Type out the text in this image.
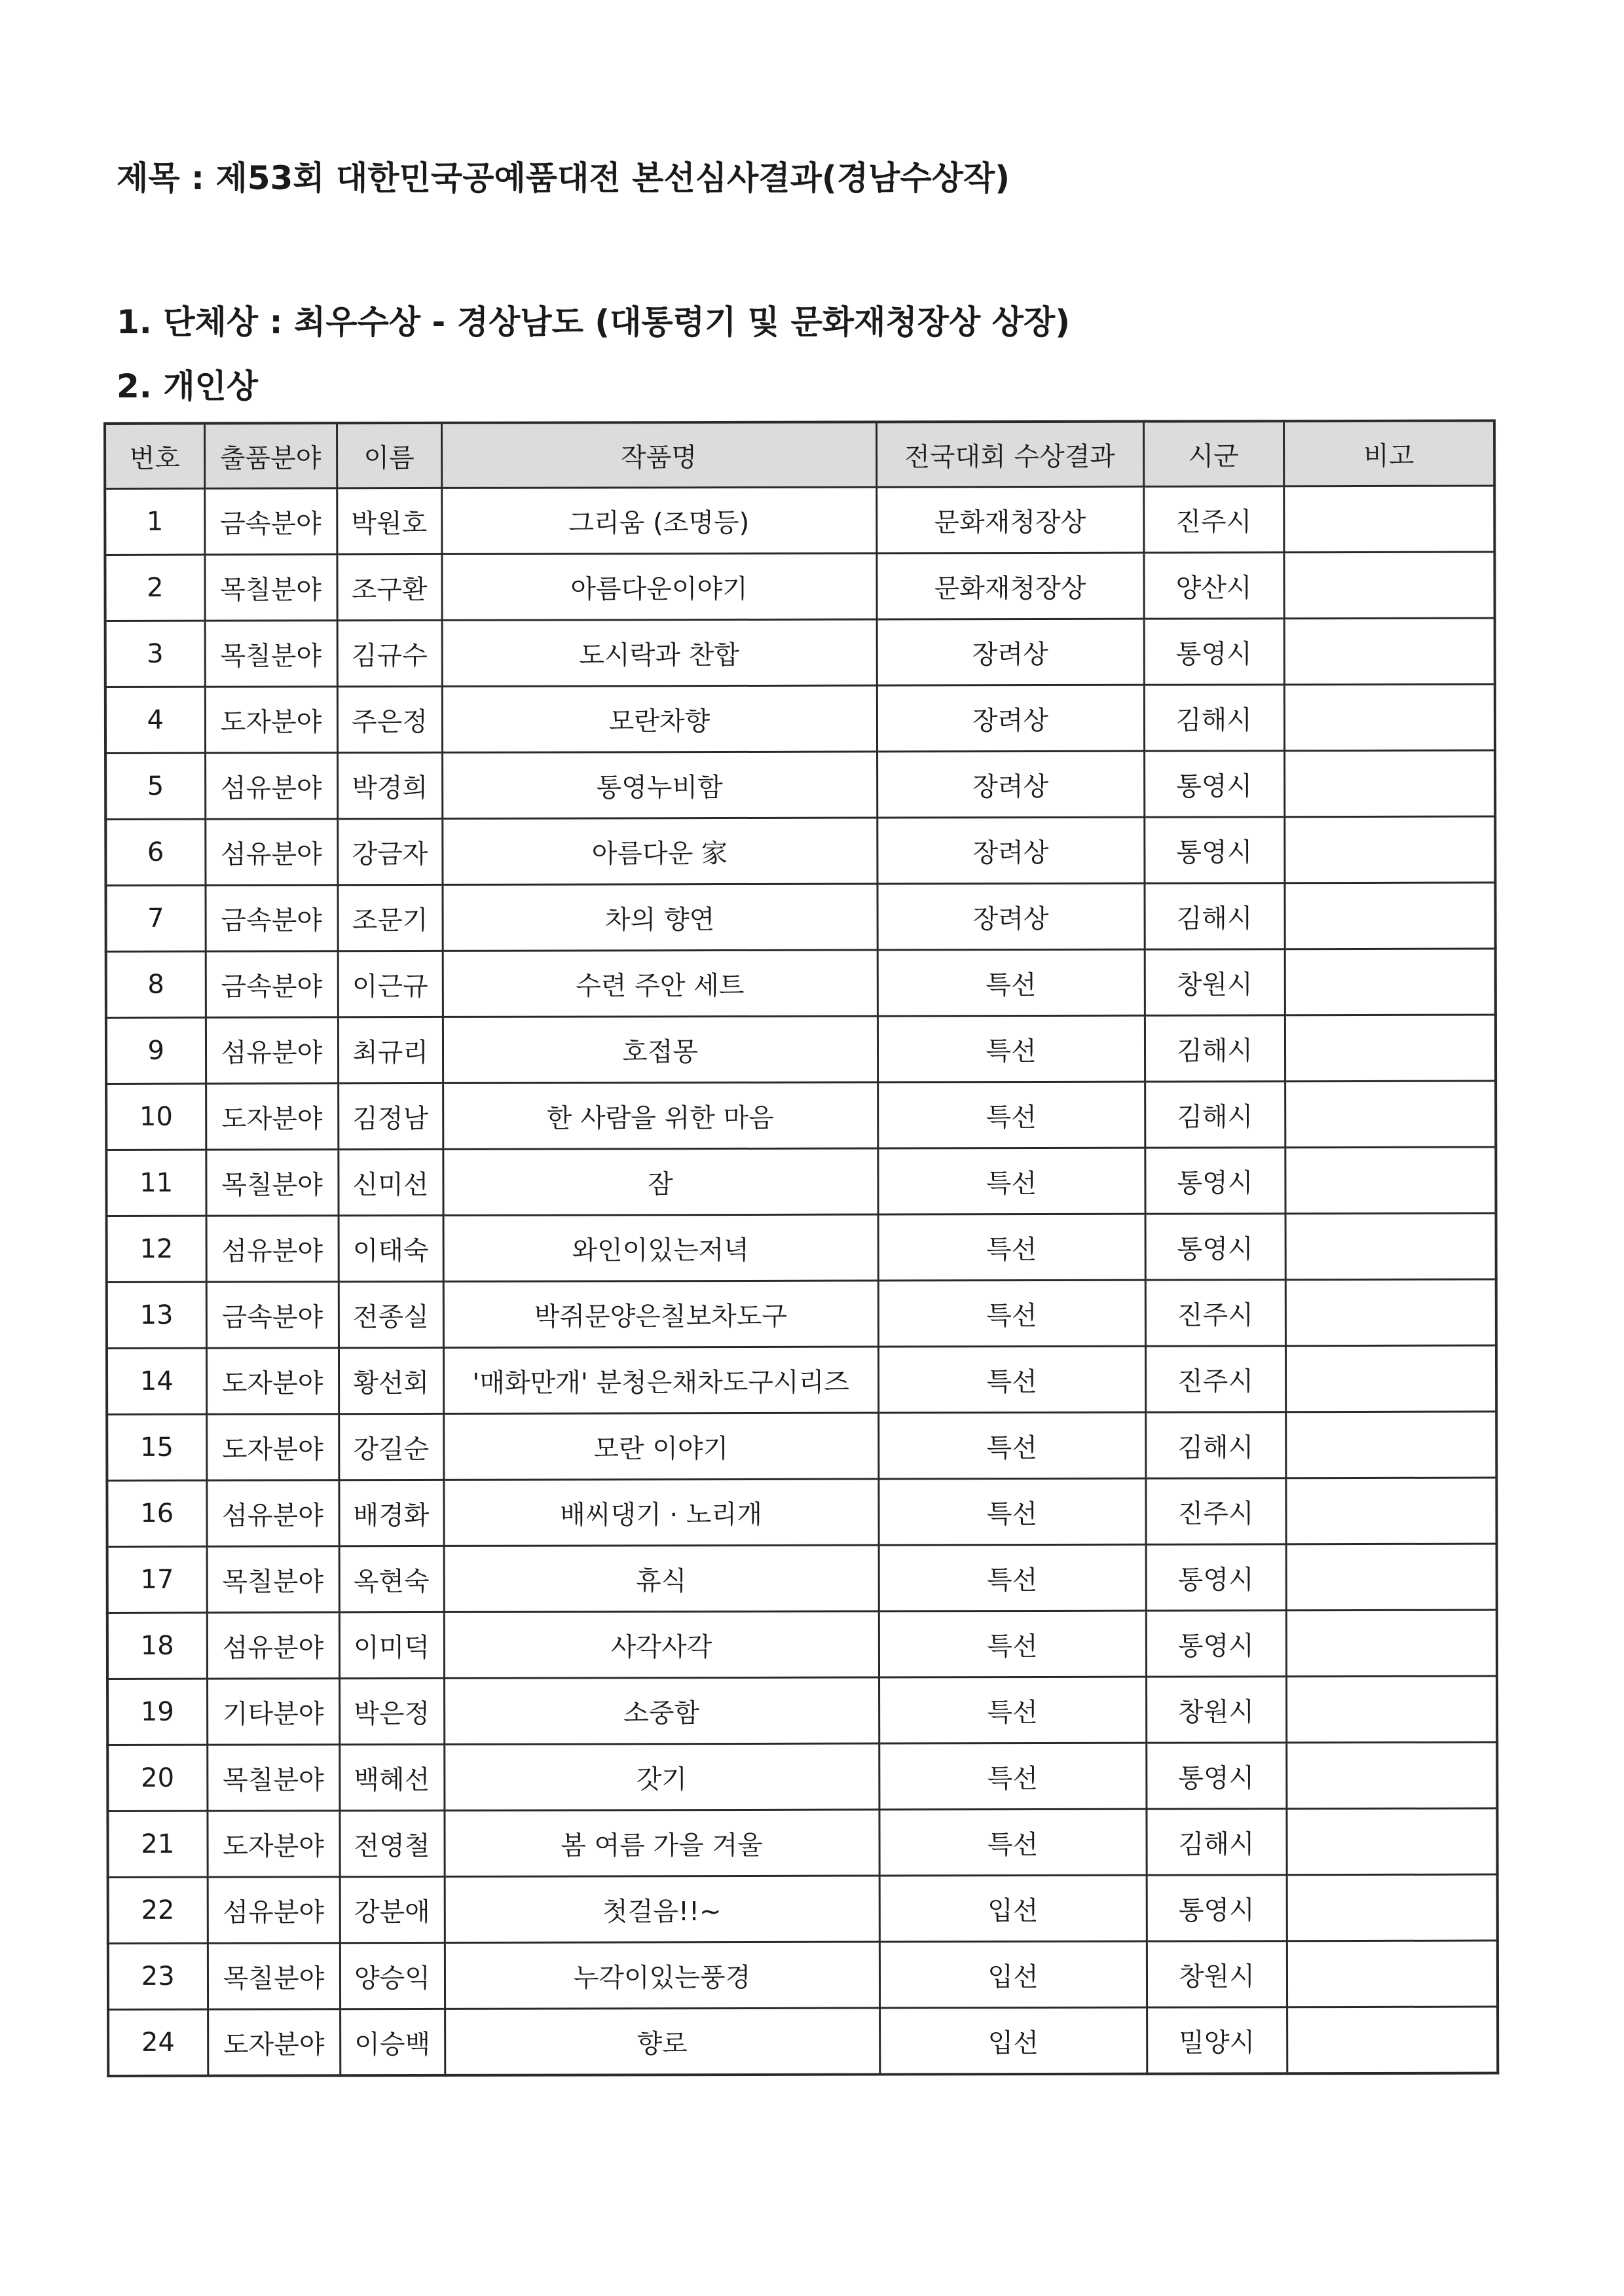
제목 : 제53회 대한민국공예품대전 본선심사결과(경남수상작)
1. 단체상 : 최우수상 - 경상남도 (대통령기 및 문화재청장상 상장)
2. 개인상
번호	출품분야	이름	작품명	전국대회 수상결과	시군	비고
1	금속분야	박원호	그리움 (조명등)	문화재청장상	진주시	
2	목칠분야	조구환	아름다운이야기	문화재청장상	양산시	
3	목칠분야	김규수	도시락과 찬합	장려상	통영시	
4	도자분야	주은정	모란차향	장려상	김해시	
5	섬유분야	박경희	통영누비함	장려상	통영시	
6	섬유분야	강금자	아름다운 家	장려상	통영시	
7	금속분야	조문기	차의 향연	장려상	김해시	
8	금속분야	이근규	수련 주안 세트	특선	창원시	
9	섬유분야	최규리	호접몽	특선	김해시	
10	도자분야	김정남	한 사람을 위한 마음	특선	김해시	
11	목칠분야	신미선	잠	특선	통영시	
12	섬유분야	이태숙	와인이있는저녁	특선	통영시	
13	금속분야	전종실	박쥐문양은칠보차도구	특선	진주시	
14	도자분야	황선회	'매화만개' 분청은채차도구시리즈	특선	진주시	
15	도자분야	강길순	모란 이야기	특선	김해시	
16	섬유분야	배경화	배씨댕기 · 노리개	특선	진주시	
17	목칠분야	옥현숙	휴식	특선	통영시	
18	섬유분야	이미덕	사각사각	특선	통영시	
19	기타분야	박은정	소중함	특선	창원시	
20	목칠분야	백혜선	갓기	특선	통영시	
21	도자분야	전영철	봄 여름 가을 겨울	특선	김해시	
22	섬유분야	강분애	첫걸음!!~	입선	통영시	
23	목칠분야	양승익	누각이있는풍경	입선	창원시	
24	도자분야	이승백	향로	입선	밀양시	
